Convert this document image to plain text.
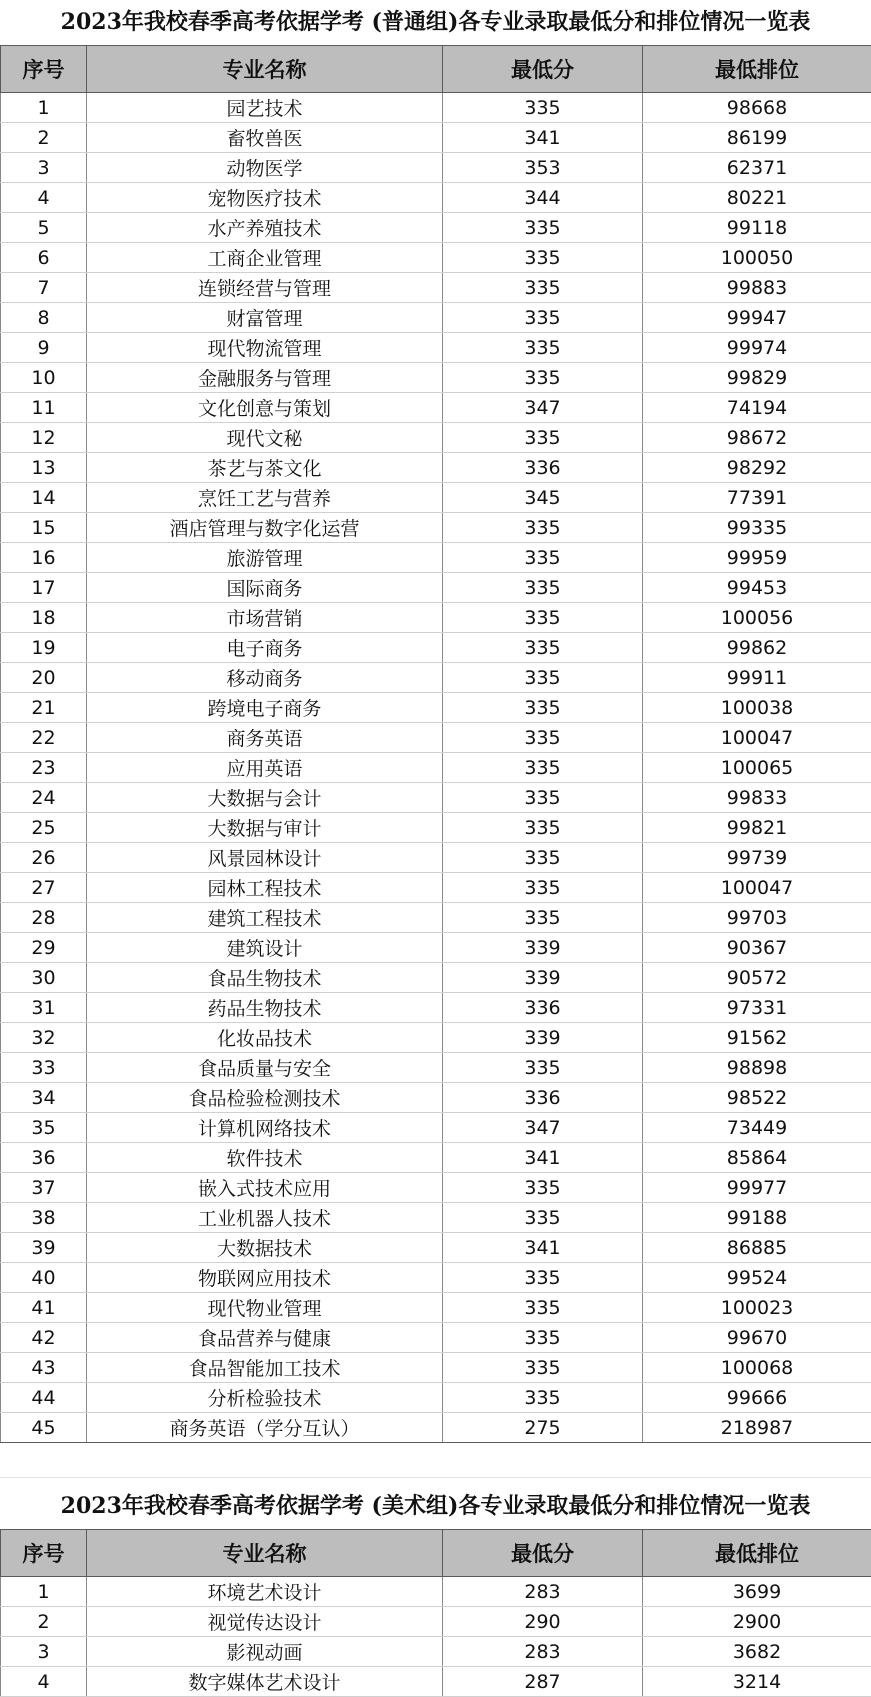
2023年我校春季高考依据学考 (普通组)各专业录取最低分和排位情况一览表
序号	专业名称	最低分	最低排位
1	园艺技术	335	98668
2	畜牧兽医	341	86199
3	动物医学	353	62371
4	宠物医疗技术	344	80221
5	水产养殖技术	335	99118
6	工商企业管理	335	100050
7	连锁经营与管理	335	99883
8	财富管理	335	99947
9	现代物流管理	335	99974
10	金融服务与管理	335	99829
11	文化创意与策划	347	74194
12	现代文秘	335	98672
13	茶艺与茶文化	336	98292
14	烹饪工艺与营养	345	77391
15	酒店管理与数字化运营	335	99335
16	旅游管理	335	99959
17	国际商务	335	99453
18	市场营销	335	100056
19	电子商务	335	99862
20	移动商务	335	99911
21	跨境电子商务	335	100038
22	商务英语	335	100047
23	应用英语	335	100065
24	大数据与会计	335	99833
25	大数据与审计	335	99821
26	风景园林设计	335	99739
27	园林工程技术	335	100047
28	建筑工程技术	335	99703
29	建筑设计	339	90367
30	食品生物技术	339	90572
31	药品生物技术	336	97331
32	化妆品技术	339	91562
33	食品质量与安全	335	98898
34	食品检验检测技术	336	98522
35	计算机网络技术	347	73449
36	软件技术	341	85864
37	嵌入式技术应用	335	99977
38	工业机器人技术	335	99188
39	大数据技术	341	86885
40	物联网应用技术	335	99524
41	现代物业管理	335	100023
42	食品营养与健康	335	99670
43	食品智能加工技术	335	100068
44	分析检验技术	335	99666
45	商务英语（学分互认）	275	218987
2023年我校春季高考依据学考 (美术组)各专业录取最低分和排位情况一览表
序号	专业名称	最低分	最低排位
1	环境艺术设计	283	3699
2	视觉传达设计	290	2900
3	影视动画	283	3682
4	数字媒体艺术设计	287	3214
